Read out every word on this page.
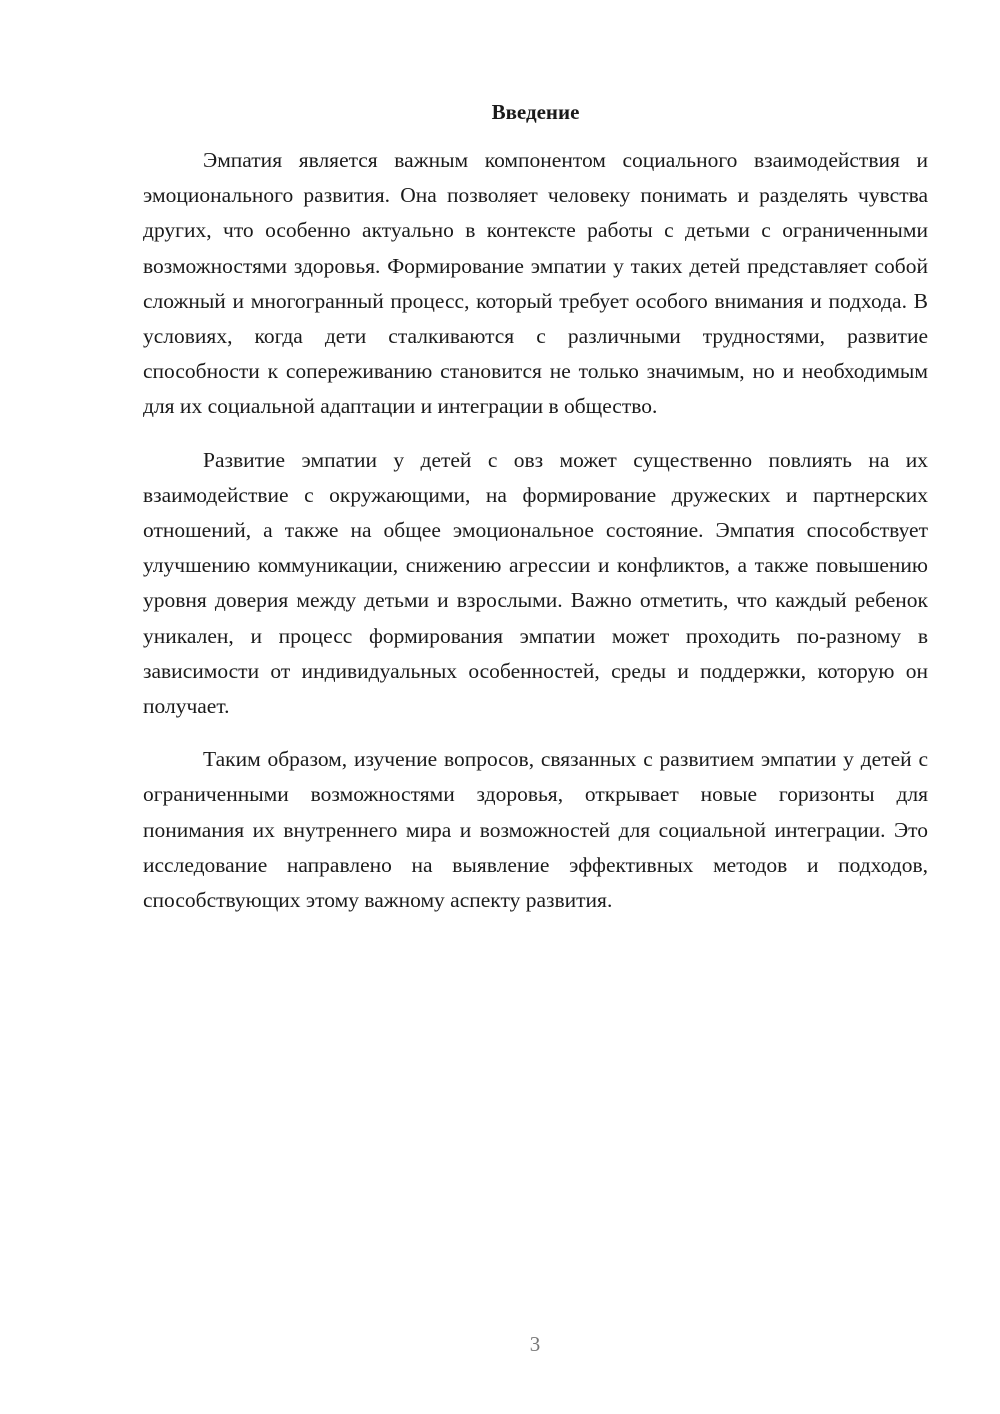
Введение

Эмпатия является важным компонентом социального взаимодействия и эмоционального развития. Она позволяет человеку понимать и разделять чувства других, что особенно актуально в контексте работы с детьми с ограниченными возможностями здоровья. Формирование эмпатии у таких детей представляет собой сложный и многогранный процесс, который требует особого внимания и подхода. В условиях, когда дети сталкиваются с различными трудностями, развитие способности к сопереживанию становится не только значимым, но и необходимым для их социальной адаптации и интеграции в общество.

Развитие эмпатии у детей с овз может существенно повлиять на их взаимодействие с окружающими, на формирование дружеских и партнерских отношений, а также на общее эмоциональное состояние. Эмпатия способствует улучшению коммуникации, снижению агрессии и конфликтов, а также повышению уровня доверия между детьми и взрослыми. Важно отметить, что каждый ребенок уникален, и процесс формирования эмпатии может проходить по-разному в зависимости от индивидуальных особенностей, среды и поддержки, которую он получает.

Таким образом, изучение вопросов, связанных с развитием эмпатии у детей с ограниченными возможностями здоровья, открывает новые горизонты для понимания их внутреннего мира и возможностей для социальной интеграции. Это исследование направлено на выявление эффективных методов и подходов, способствующих этому важному аспекту развития.

3
